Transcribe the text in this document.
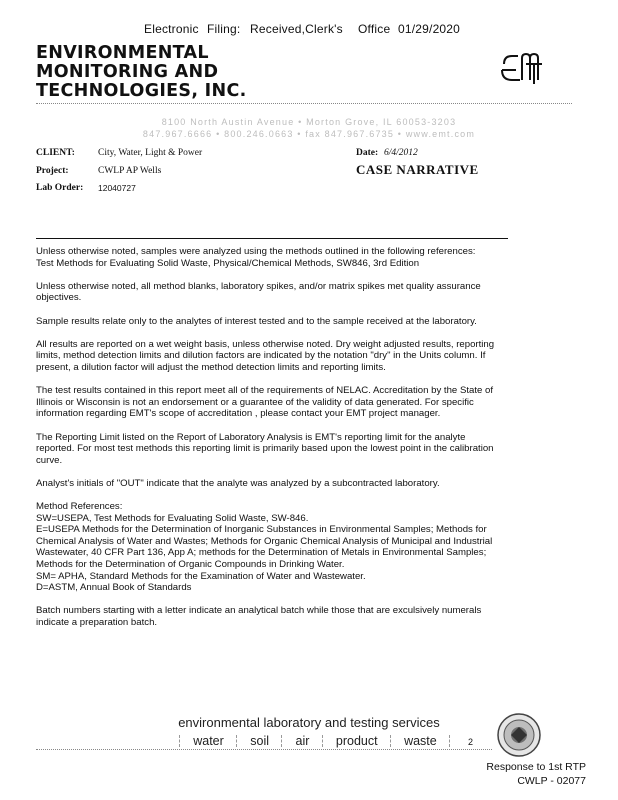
Electronic Filing: Received,Clerk's Office 01/29/2020
ENVIRONMENTAL
MONITORING AND
TECHNOLOGIES, INC.
8100 North Austin Avenue • Morton Grove, IL 60053-3203
847.967.6666 • 800.246.0663 • fax 847.967.6735 • www.emt.com
CLIENT: City, Water, Light & Power
Project:	CWLP AP Wells
Lab Order: 12040727
Date: 6/4/2012
CASE NARRATIVE

Unless otherwise noted, samples were analyzed using the methods outlined in the following references:
Test Methods for Evaluating Solid Waste, Physical/Chemical Methods, SW846, 3rd Edition

Unless otherwise noted, all method blanks, laboratory spikes, and/or matrix spikes met quality assurance objectives.

Sample results relate only to the analytes of interest tested and to the sample received at the laboratory.

All results are reported on a wet weight basis, unless otherwise noted. Dry weight adjusted results, reporting limits, method detection limits and dilution factors are indicated by the notation "dry" in the Units column. If present, a dilution factor will adjust the method detection limits and reporting limits.

The test results contained in this report meet all of the requirements of NELAC. Accreditation by the State of Illinois or Wisconsin is not an endorsement or a guarantee of the validity of data generated. For specific information regarding EMT's scope of accreditation , please contact your EMT project manager.

The Reporting Limit listed on the Report of Laboratory Analysis is EMT's reporting limit for the analyte reported. For most test methods this reporting limit is primarily based upon the lowest point in the calibration curve.

Analyst's initials of "OUT" indicate that the analyte was analyzed by a subcontracted laboratory.

Method References:
SW=USEPA, Test Methods for Evaluating Solid Waste, SW-846.
E=USEPA Methods for the Determination of Inorganic Substances in Environmental Samples; Methods for Chemical Analysis of Water and Wastes; Methods for Organic Chemical Analysis of Municipal and Industrial Wastewater, 40 CFR Part 136, App A; methods for the Determination of Metals in Environmental Samples; Methods for the Determination of Organic Compounds in Drinking Water.
SM= APHA, Standard Methods for the Examination of Water and Wastewater.
D=ASTM, Annual Book of Standards

Batch numbers starting with a letter indicate an analytical batch while those that are exculsively numerals indicate a preparation batch.

environmental laboratory and testing services
water soil air product waste	2
Response to 1st RTP
CWLP - 02077
